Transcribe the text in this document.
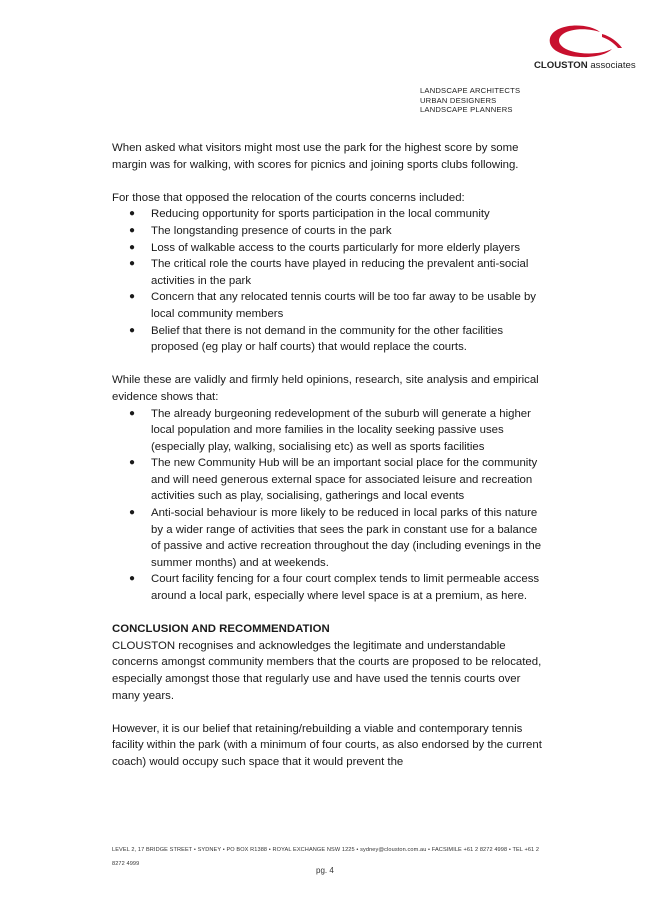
CLOUSTON associates
LANDSCAPE ARCHITECTS
URBAN DESIGNERS
LANDSCAPE PLANNERS

When asked what visitors might most use the park for the highest score by some margin was for walking, with scores for picnics and joining sports clubs following.

For those that opposed the relocation of the courts concerns included:

● Reducing opportunity for sports participation in the local community
● The longstanding presence of courts in the park
● Loss of walkable access to the courts particularly for more elderly players
● The critical role the courts have played in reducing the prevalent anti-social activities in the park
● Concern that any relocated tennis courts will be too far away to be usable by local community members
● Belief that there is not demand in the community for the other facilities proposed (eg play or half courts) that would replace the courts.

While these are validly and firmly held opinions, research, site analysis and empirical evidence shows that:

● The already burgeoning redevelopment of the suburb will generate a higher local population and more families in the locality seeking passive uses (especially play, walking, socialising etc) as well as sports facilities
● The new Community Hub will be an important social place for the community and will need generous external space for associated leisure and recreation activities such as play, socialising, gatherings and local events
● Anti-social behaviour is more likely to be reduced in local parks of this nature by a wider range of activities that sees the park in constant use for a balance of passive and active recreation throughout the day (including evenings in the summer months) and at weekends.
● Court facility fencing for a four court complex tends to limit permeable access around a local park, especially where level space is at a premium, as here.

CONCLUSION AND RECOMMENDATION

CLOUSTON recognises and acknowledges the legitimate and understandable concerns amongst community members that the courts are proposed to be relocated, especially amongst those that regularly use and have used the tennis courts over many years.

However, it is our belief that retaining/rebuilding a viable and contemporary tennis facility within the park (with a minimum of four courts, as also endorsed by the current coach) would occupy such space that it would prevent the

LEVEL 2, 17 BRIDGE STREET • SYDNEY • PO BOX R1388 • ROYAL EXCHANGE NSW 1225 • sydney@clouston.com.au • FACSIMILE +61 2 8272 4998 • TEL +61 2
8272 4999
pg. 4
